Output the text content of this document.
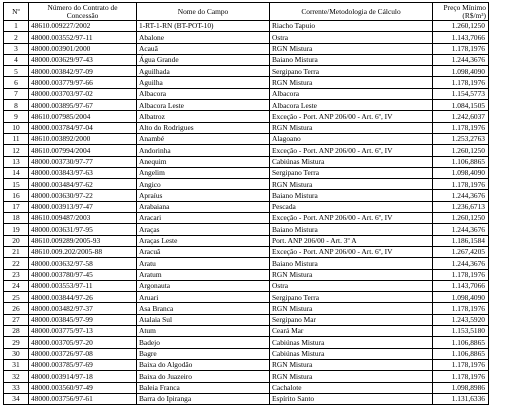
Nº	Número do Contrato de Concessão	Nome do Campo	Corrente/Metodologia de Cálculo	Preço Mínimo (R$/m³)
1	48610.009227/2002	1-RT-1-RN (BT-POT-10)	Riacho Tapuio	1.260,1250
2	48000.003552/97-11	Abalone	Ostra	1.143,7066
3	48000.003901/2000	Acauã	RGN Mistura	1.178,1976
4	48000.003629/97-43	Água Grande	Baiano Mistura	1.244,3676
5	48000.003842/97-09	Aguilhada	Sergipano Terra	1.098,4090
6	48000.003779/97-66	Aguilha	RGN Mistura	1.178,1976
7	48000.003703/97-02	Albacora	Albacora	1.154,5773
8	48000.003895/97-67	Albacora Leste	Albacora Leste	1.084,1505
9	48610.007985/2004	Albatroz	Exceção - Port. ANP 206/00 - Art. 6º, IV	1.242,6037
10	48000.003784/97-04	Alto do Rodrigues	RGN Mistura	1.178,1976
11	48610.003892/2000	Anambé	Alagoano	1.253,2763
12	48610.007994/2004	Andorinha	Exceção - Port. ANP 206/00 - Art. 6º, IV	1.260,1250
13	48000.003730/97-77	Anequim	Cabiúnas Mistura	1.106,8865
14	48000.003843/97-63	Angelim	Sergipano Terra	1.098,4090
15	48000.003484/97-62	Angico	RGN Mistura	1.178,1976
16	48000.003630/97-22	Apraíus	Baiano Mistura	1.244,3676
17	48000.003913/97-47	Arabaiana	Pescada	1.236,6713
18	48610.009487/2003	Aracari	Exceção - Port. ANP 206/00 - Art. 6º, IV	1.260,1250
19	48000.003631/97-95	Araças	Baiano Mistura	1.244,3676
20	48610.009289/2005-93	Araças Leste	Port. ANP 206/00 - Art. 3º A	1.186,1584
21	48610.009.202/2005-88	Aracuã	Exceção - Port. ANP 206/00 - Art. 6º, IV	1.267,4205
22	48000.003632/97-58	Aratu	Baiano Mistura	1.244,3676
23	48000.003780/97-45	Aratum	RGN Mistura	1.178,1976
24	48000.003553/97-11	Argonauta	Ostra	1.143,7066
25	48000.003844/97-26	Aruari	Sergipano Terra	1.098,4090
26	48000.003482/97-37	Asa Branca	RGN Mistura	1.178,1976
27	48000.003845/97-99	Atalaia Sul	Sergipano Mar	1.243,5920
28	48000.003775/97-13	Atum	Ceará Mar	1.153,5180
29	48000.003705/97-20	Badejo	Cabiúnas Mistura	1.106,8865
30	48000.003726/97-08	Bagre	Cabiúnas Mistura	1.106,8865
31	48000.003785/97-69	Baixa do Algodão	RGN Mistura	1.178,1976
32	48000.003914/97-18	Baixa do Juazeiro	RGN Mistura	1.178,1976
33	48000.003560/97-49	Baleia Franca	Cachalote	1.098,8986
34	48000.003756/97-61	Barra do Ipiranga	Espírito Santo	1.131,6336
